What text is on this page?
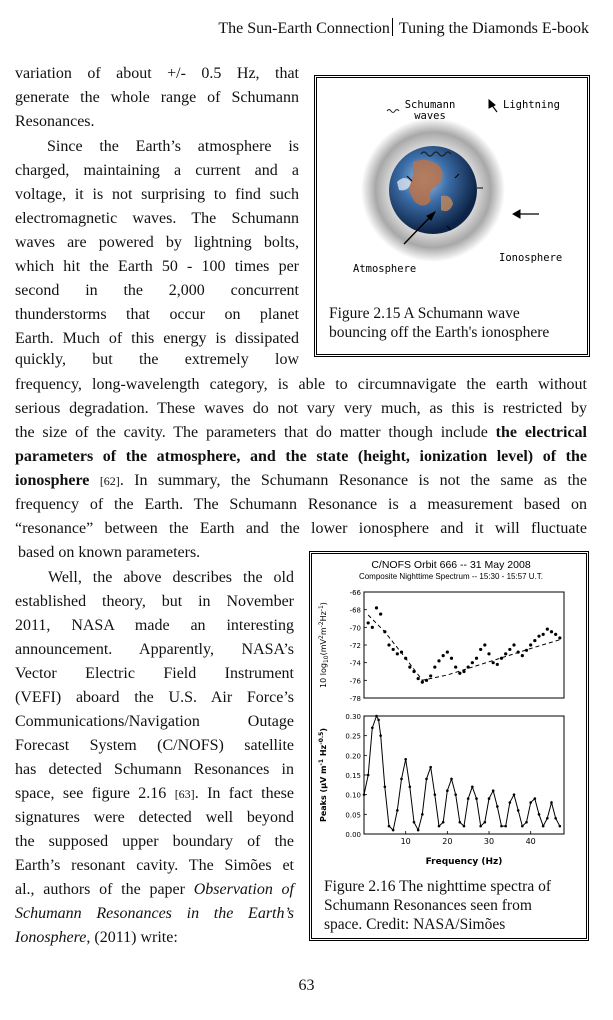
The Sun-Earth Connection Tuning the Diamonds E-book
variation of about +/- 0.5 Hz, that
generate the whole range of Schumann
Resonances.
Since the Earth’s atmosphere is
charged, maintaining a current and a
voltage, it is not surprising to find such
electromagnetic waves. The Schumann
waves are powered by lightning bolts,
which hit the Earth 50 - 100 times per
second in the 2,000 concurrent
thunderstorms that occur on planet
Earth. Much of this energy is dissipated
quickly, but the extremely low
frequency, long-wavelength category, is able to circumnavigate the earth without
serious degradation. These waves do not vary very much, as this is restricted by
the size of the cavity. The parameters that do matter though include the electrical
parameters of the atmosphere, and the state (height, ionization level) of the
ionosphere [62]. In summary, the Schumann Resonance is not the same as the
frequency of the Earth. The Schumann Resonance is a measurement based on
“resonance” between the Earth and the lower ionosphere and it will fluctuate
based on known parameters.
Well, the above describes the old
established theory, but in November
2011, NASA made an interesting
announcement. Apparently, NASA’s
Vector Electric Field Instrument
(VEFI) aboard the U.S. Air Force’s
Communications/Navigation Outage
Forecast System (C/NOFS) satellite
has detected Schumann Resonances in
space, see figure 2.16 [63]. In fact these
signatures were detected well beyond
the supposed upper boundary of the
Earth’s resonant cavity. The Simões et
al., authors of the paper Observation of
Schumann Resonances in the Earth’s
Ionosphere, (2011) write:
Schumann
waves
Lightning
Atmosphere
Ionosphere
Figure 2.15 A Schumann wave
bouncing off the Earth's ionosphere
C/NOFS Orbit 666 -- 31 May 2008
Composite Nighttime Spectrum -- 15:30 - 15:57 U.T.
10 $\log_{10}(mV^2m^{-2}Hz^{-1})$
-66
-68
-70
-72
-74
-76
-78
Peaks (µV $m^{-1}$ $Hz^{-0.5}$)
0.00
0.05
0.10
0.15
0.20
0.25
0.30
10	20	30	40
Frequency (Hz)
Figure 2.16 The nighttime spectra of
Schumann Resonances seen from
space. Credit: NASA/Simões
63
